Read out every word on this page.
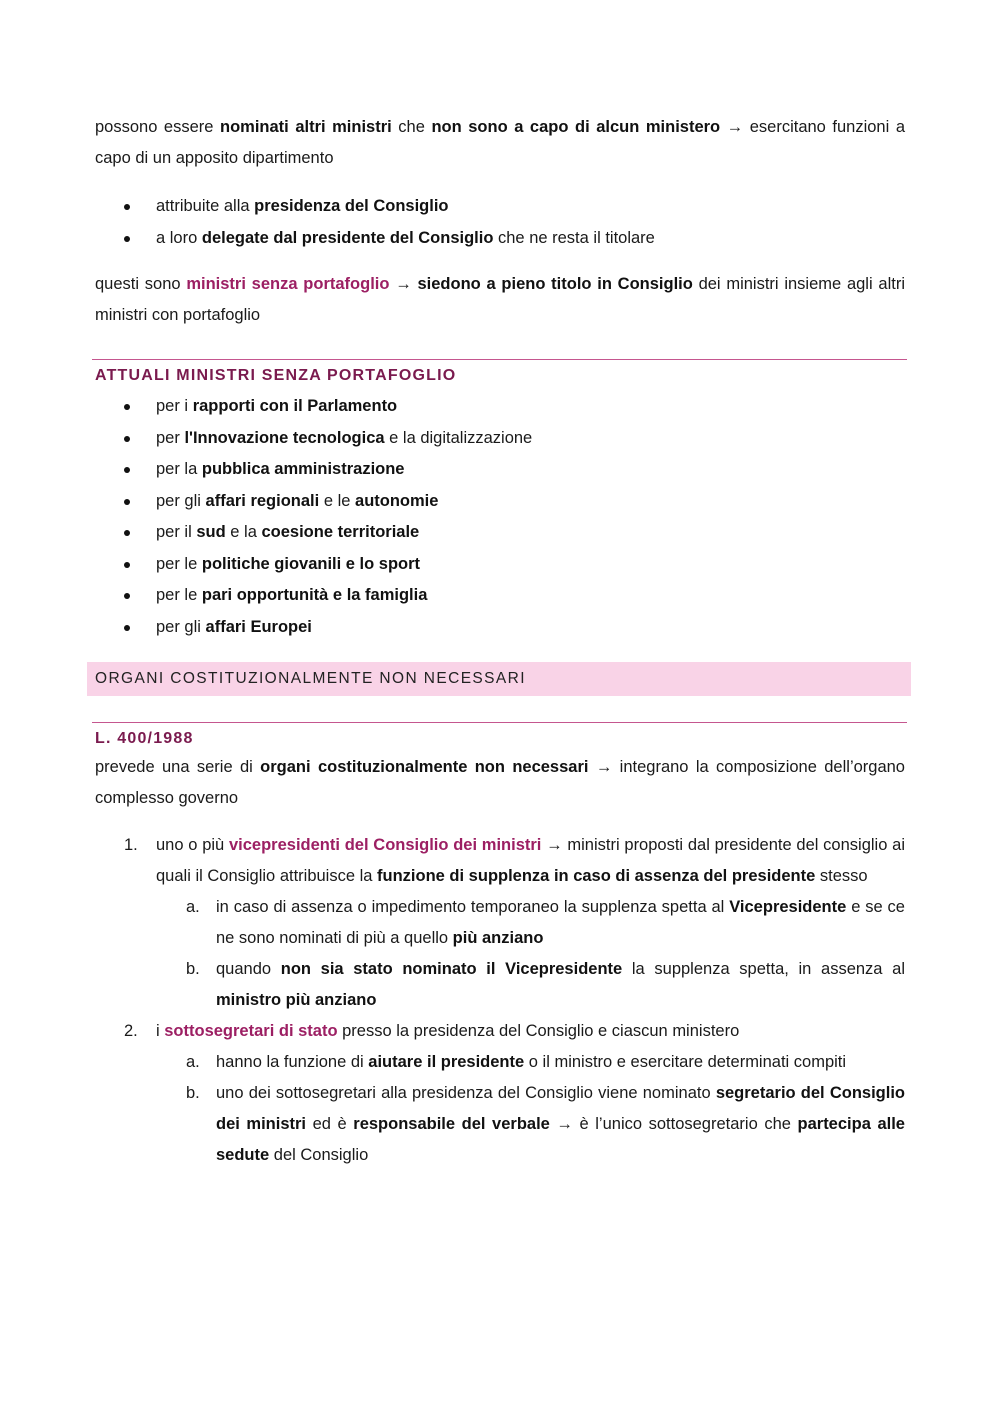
possono essere nominati altri ministri che non sono a capo di alcun ministero → esercitano funzioni a capo di un apposito dipartimento

attribuite alla presidenza del Consiglio
a loro delegate dal presidente del Consiglio che ne resta il titolare

questi sono ministri senza portafoglio → siedono a pieno titolo in Consiglio dei ministri insieme agli altri ministri con portafoglio

ATTUALI MINISTRI SENZA PORTAFOGLIO
per i rapporti con il Parlamento
per l'Innovazione tecnologica e la digitalizzazione
per la pubblica amministrazione
per gli affari regionali e le autonomie
per il sud e la coesione territoriale
per le politiche giovanili e lo sport
per le pari opportunità e la famiglia
per gli affari Europei
ORGANI COSTITUZIONALMENTE NON NECESSARI
L. 400/1988

prevede una serie di organi costituzionalmente non necessari → integrano la composizione dell’organo complesso governo

1. uno o più vicepresidenti del Consiglio dei ministri → ministri proposti dal presidente del consiglio ai quali il Consiglio attribuisce la funzione di supplenza in caso di assenza del presidente stesso
a. in caso di assenza o impedimento temporaneo la supplenza spetta al Vicepresidente e se ce ne sono nominati di più a quello più anziano
b. quando non sia stato nominato il Vicepresidente la supplenza spetta, in assenza al ministro più anziano
2. i sottosegretari di stato presso la presidenza del Consiglio e ciascun ministero
a. hanno la funzione di aiutare il presidente o il ministro e esercitare determinati compiti
b. uno dei sottosegretari alla presidenza del Consiglio viene nominato segretario del Consiglio dei ministri ed è responsabile del verbale → è l’unico sottosegretario che partecipa alle sedute del Consiglio
